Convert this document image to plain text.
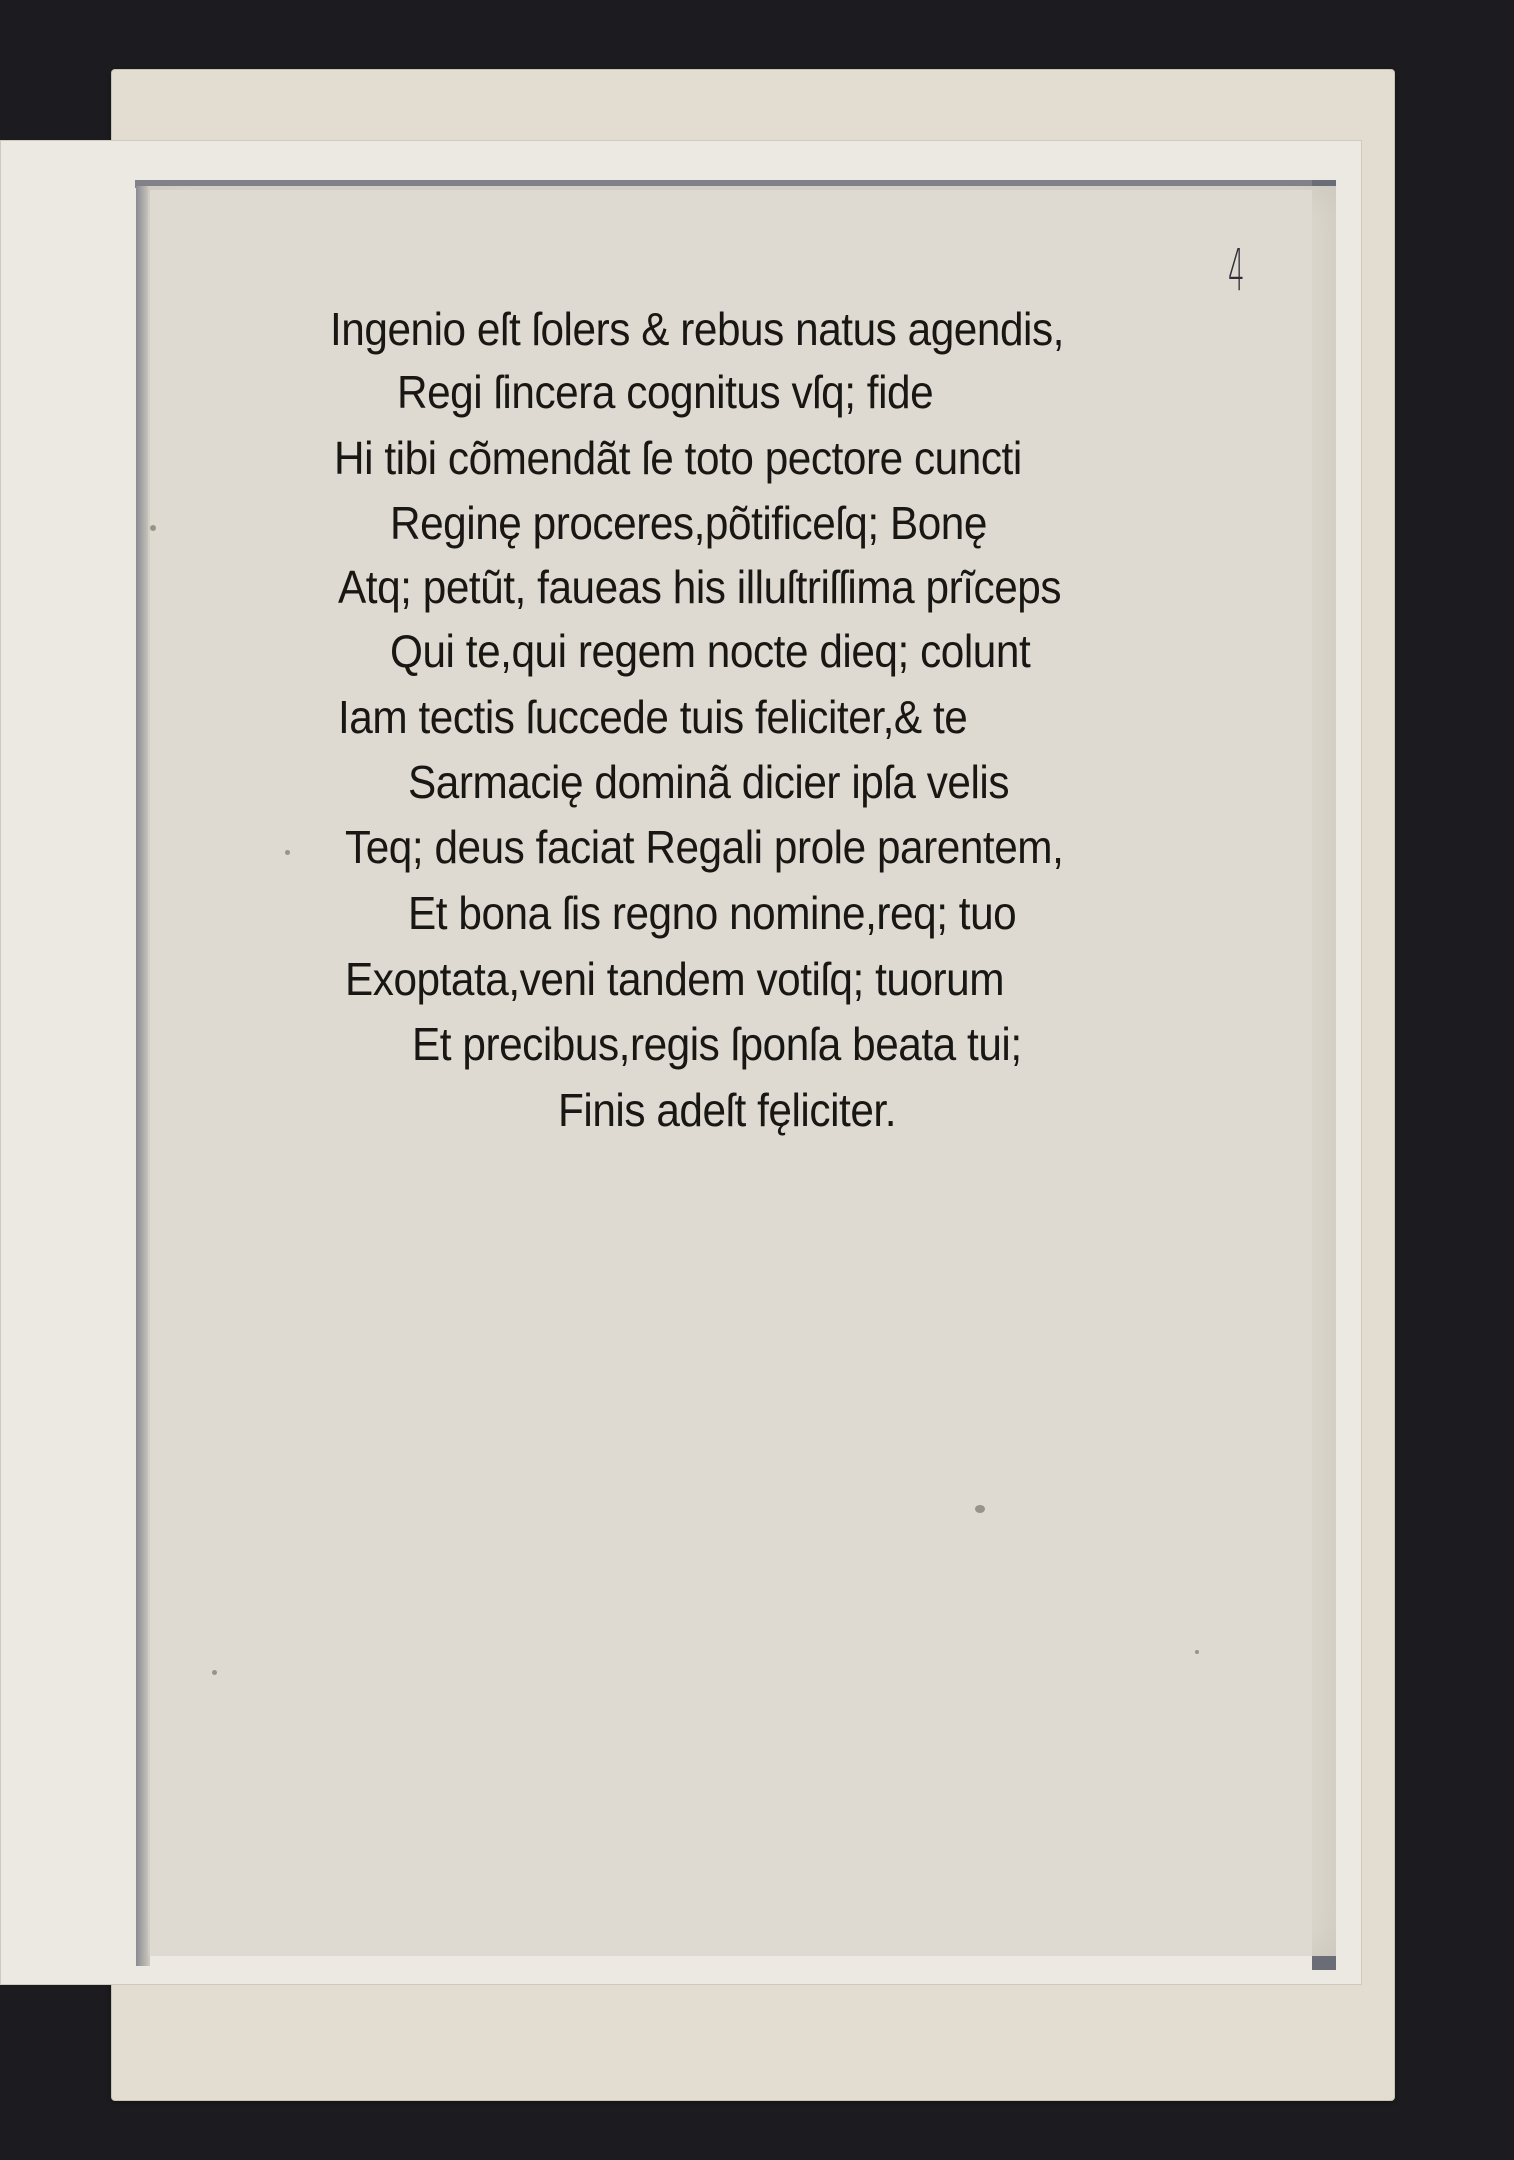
4
Ingenio eſt ſolers & rebus natus agendis,
Regi ſincera cognitus vſq; fide
Hi tibi cõmendãt ſe toto pectore cuncti
Reginę proceres,põtificeſq; Bonę
Atq; petũt, faueas his illuſtriſſima prĩceps
Qui te,qui regem nocte dieq; colunt
Iam tectis ſuccede tuis feliciter,& te
Sarmacię dominã dicier ipſa velis
Teq; deus faciat Regali prole parentem,
Et bona ſis regno nomine,req; tuo
Exoptata,veni tandem votiſq; tuorum
Et precibus,regis ſponſa beata tui;
Finis adeſt fęliciter.
